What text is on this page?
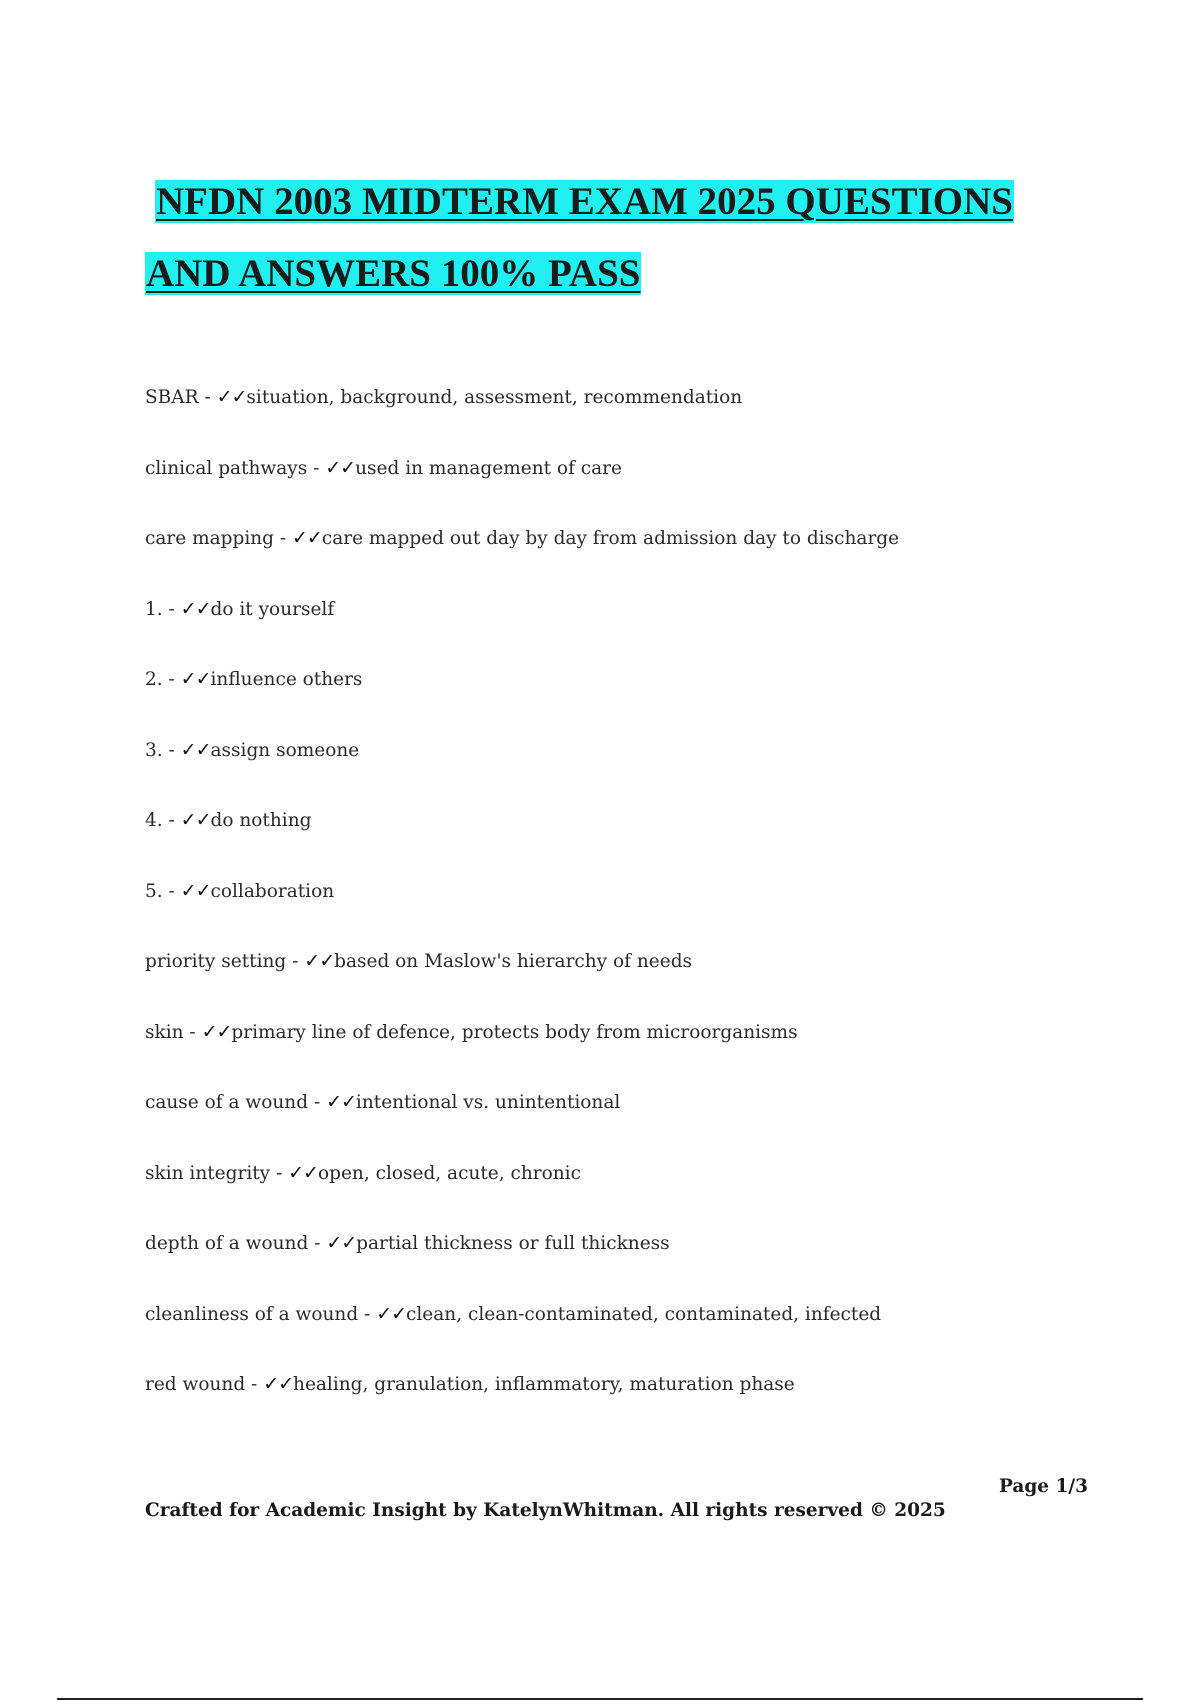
NFDN 2003 MIDTERM EXAM 2025 QUESTIONS

AND ANSWERS 100% PASS

SBAR - ✓✓situation, background, assessment, recommendation
clinical pathways - ✓✓used in management of care
care mapping - ✓✓care mapped out day by day from admission day to discharge
1. - ✓✓do it yourself
2. - ✓✓influence others
3. - ✓✓assign someone
4. - ✓✓do nothing
5. - ✓✓collaboration
priority setting - ✓✓based on Maslow's hierarchy of needs
skin - ✓✓primary line of defence, protects body from microorganisms
cause of a wound - ✓✓intentional vs. unintentional
skin integrity - ✓✓open, closed, acute, chronic
depth of a wound - ✓✓partial thickness or full thickness
cleanliness of a wound - ✓✓clean, clean-contaminated, contaminated, infected
red wound - ✓✓healing, granulation, inflammatory, maturation phase
Page 1/3
Crafted for Academic Insight by KatelynWhitman. All rights reserved © 2025
